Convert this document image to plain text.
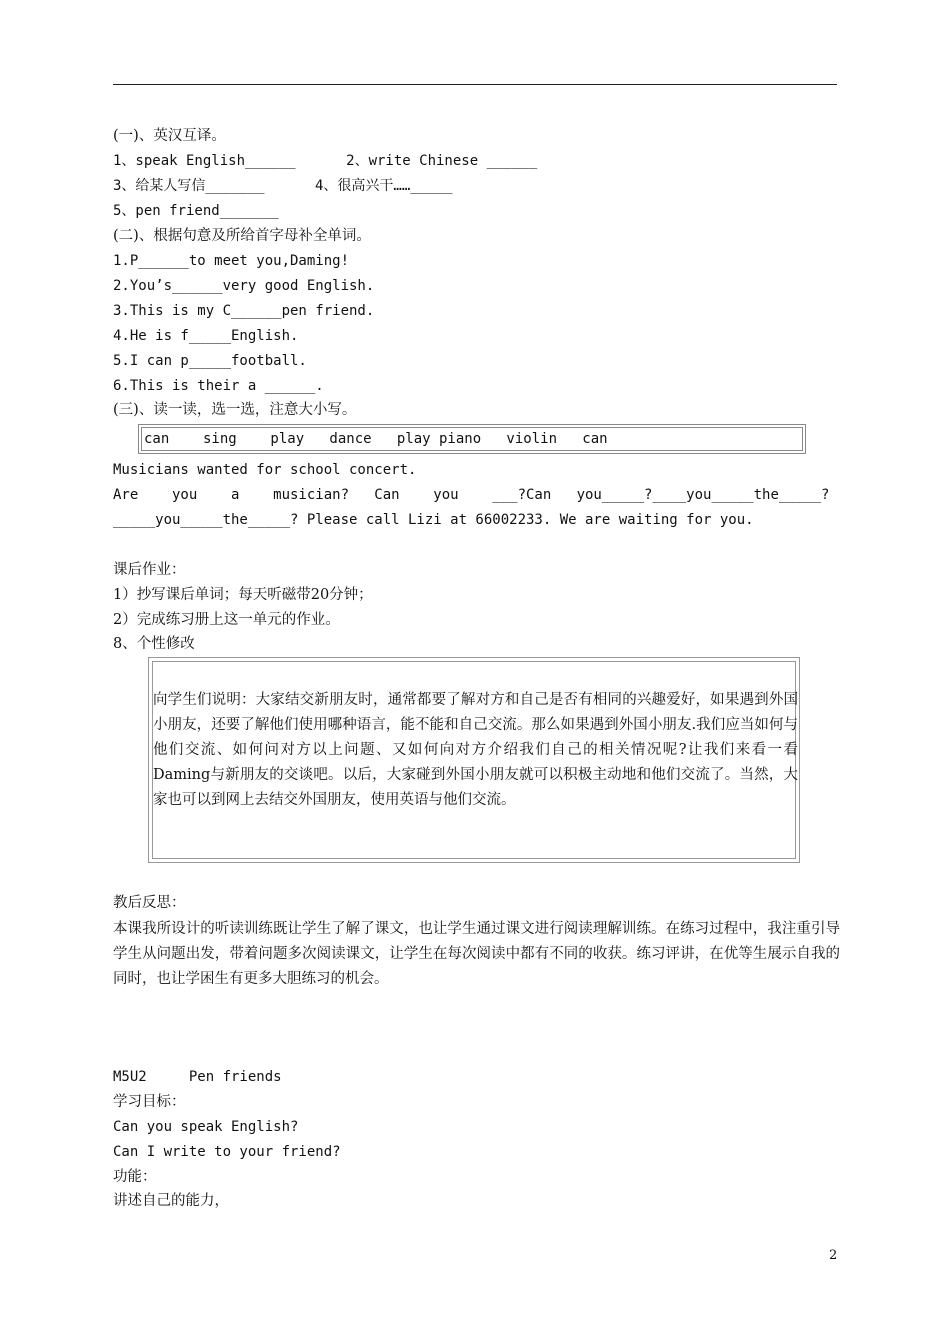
(一)、英汉互译。
1、speak English______      2、write Chinese ______
3、给某人写信_______      4、很高兴干……_____
5、pen friend_______
(二)、根据句意及所给首字母补全单词。
1.P______to meet you,Daming!
2.You’s______very good English.
3.This is my C______pen friend.
4.He is f_____English.
5.I can p_____football.
6.This is their a ______.
(三)、读一读，选一选，注意大小写。
can    sing    play   dance   play piano   violin   can
Musicians wanted for school concert.
Are    you    a    musician?   Can    you    ___?Can   you_____?____you_____the_____?
_____you_____the_____? Please call Lizi at 66002233. We are waiting for you.
课后作业：
1）抄写课后单词；每天听磁带20分钟；
2）完成练习册上这一单元的作业。
8、个性修改
向学生们说明：大家结交新朋友时，通常都要了解对方和自己是否有相同的兴趣爱好，如果遇到外国小朋友，还要了解他们使用哪种语言，能不能和自己交流。那么如果遇到外国小朋友.我们应当如何与他们交流、如何问对方以上问题、又如何向对方介绍我们自己的相关情况呢?让我们来看一看Daming与新朋友的交谈吧。以后，大家碰到外国小朋友就可以积极主动地和他们交流了。当然，大家也可以到网上去结交外国朋友，使用英语与他们交流。
教后反思：
本课我所设计的听读训练既让学生了解了课文，也让学生通过课文进行阅读理解训练。在练习过程中，我注重引导学生从问题出发，带着问题多次阅读课文，让学生在每次阅读中都有不同的收获。练习评讲，在优等生展示自我的同时，也让学困生有更多大胆练习的机会。
M5U2     Pen friends
学习目标：
Can you speak English?
Can I write to your friend?
功能：
讲述自己的能力，
2
